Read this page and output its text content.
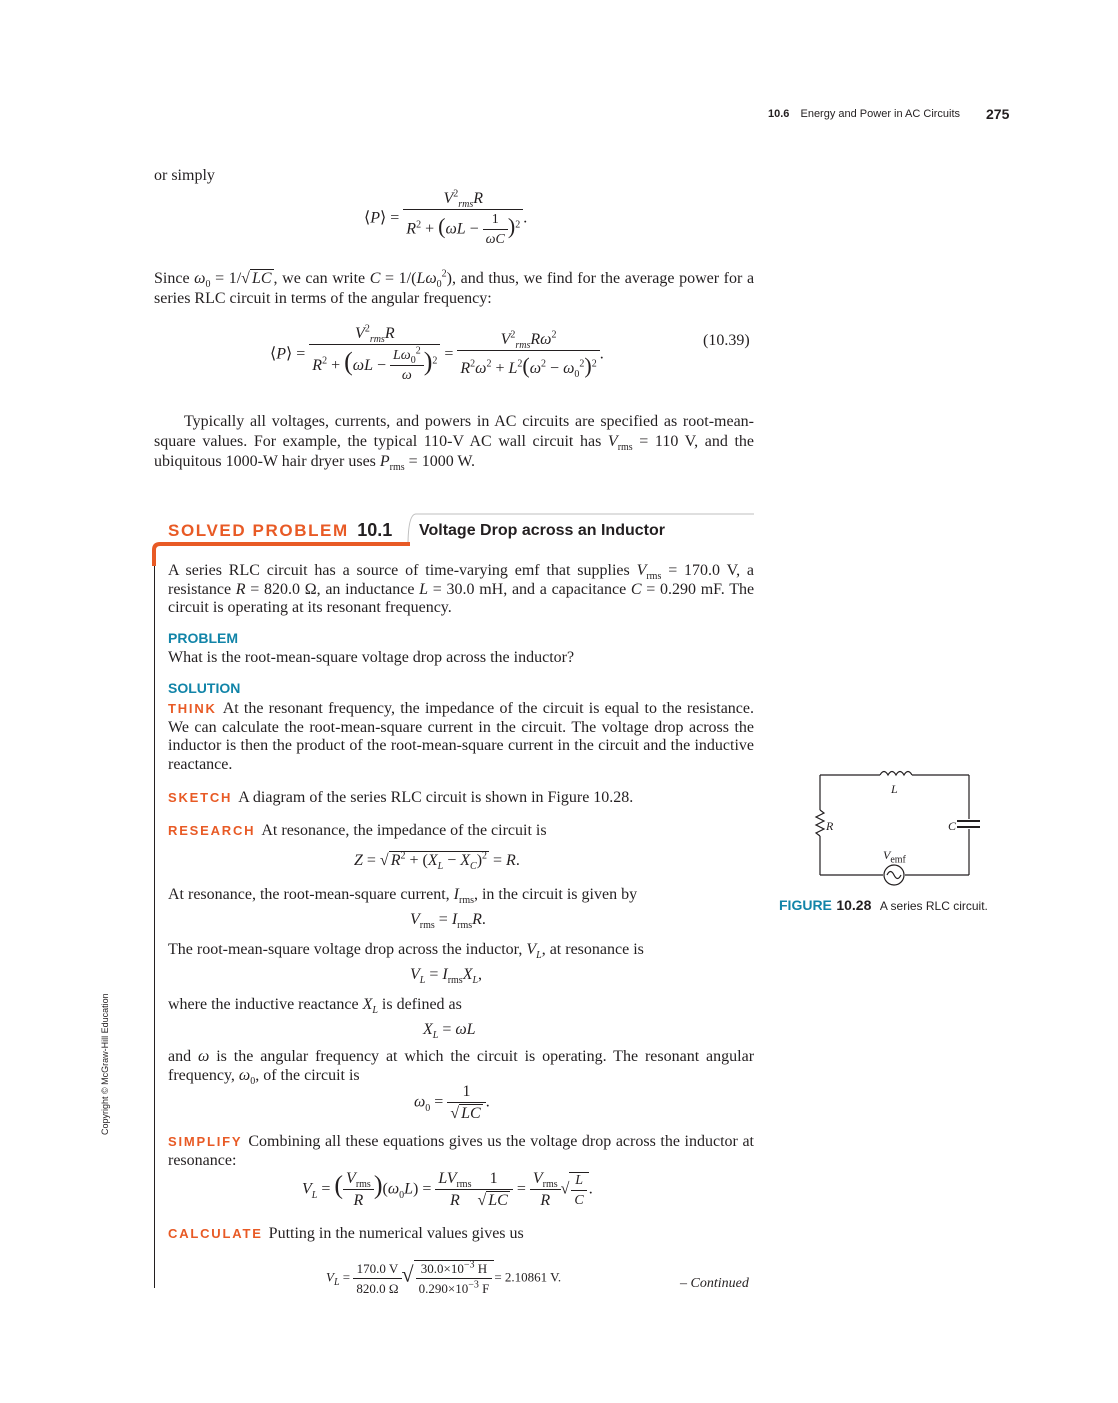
10.6 Energy and Power in AC Circuits 275
Copyright © McGraw-Hill Education
or simply
⟨P⟩ = $\frac{V^2_{rms}R}{R^2 + (\omega L - \frac{1}{\omega C} )^2}$ .
Since $\omega_0 = 1/√$ LC , we can write $C = 1/(L\omega_0^2)$, and thus, we find for the average power for a series RLC circuit in terms of the angular frequency:
⟨P⟩ = $\frac{V^2_{rms}R}{R^2 + (\omega L - \frac{L\omega_0^2}{\omega} )^2} = \frac{V^2_{rms}R\omega^2}{R^2\omega^2 + L^2(\omega^2 - \omega_0^2)^2}$ .
(10.39)
Typically all voltages, currents, and powers in AC circuits are specified as root-mean-square values. For example, the typical 110-V AC wall circuit has $V_{rms} = 110$ V, and the ubiquitous 1000-W hair dryer uses $P_{rms} = 1000$ W.
SOLVED PROBLEM 10.1 Voltage Drop across an Inductor
A series RLC circuit has a source of time-varying emf that supplies $V_{rms} = 170.0$ V, a resistance R = 820.0 Ω, an inductance L = 30.0 mH, and a capacitance C = 0.290 mF. The circuit is operating at its resonant frequency.
PROBLEM
What is the root-mean-square voltage drop across the inductor?
SOLUTION
THINK At the resonant frequency, the impedance of the circuit is equal to the resistance. We can calculate the root-mean-square current in the circuit. The voltage drop across the inductor is then the product of the root-mean-square current in the circuit and the inductive reactance.
SKETCH A diagram of the series RLC circuit is shown in Figure 10.28.
RESEARCH At resonance, the impedance of the circuit is
Z = √ $R^2 + (X_L - X_C)^2 = R$.
At resonance, the root-mean-square current, $I_{rms}$, in the circuit is given by
$V_{rms} = I_{rms}R$.
The root-mean-square voltage drop across the inductor, $V_L$, at resonance is
$V_L = I_{rms}X_L$,
where the inductive reactance $X_L$ is defined as
$X_L = \omega L$
and ω is the angular frequency at which the circuit is operating. The resonant angular frequency, $\omega_0$, of the circuit is
$\omega_0 = \frac{1}{√ LC}$ .
SIMPLIFY Combining all these equations gives us the voltage drop across the inductor at resonance:
$V_L$ = ( $\frac{V_{rms}}{R} )(\omega_0L) = \frac{LV_{rms}}{R} \frac{1}{√ LC} = \frac{V_{rms}}{R}$ √ $\frac{L}{C}$ .
CALCULATE Putting in the numerical values gives us
$V_L = \frac{170.0 V}{820.0 \Omega}$ √ $\frac{30.0\times 10^{-3} H}{0.290\times 10^{-3} F} = 2.10861$ V.	– Continued
L
R	C
$V_{emf}$
FIGURE 10.28 A series RLC circuit.
